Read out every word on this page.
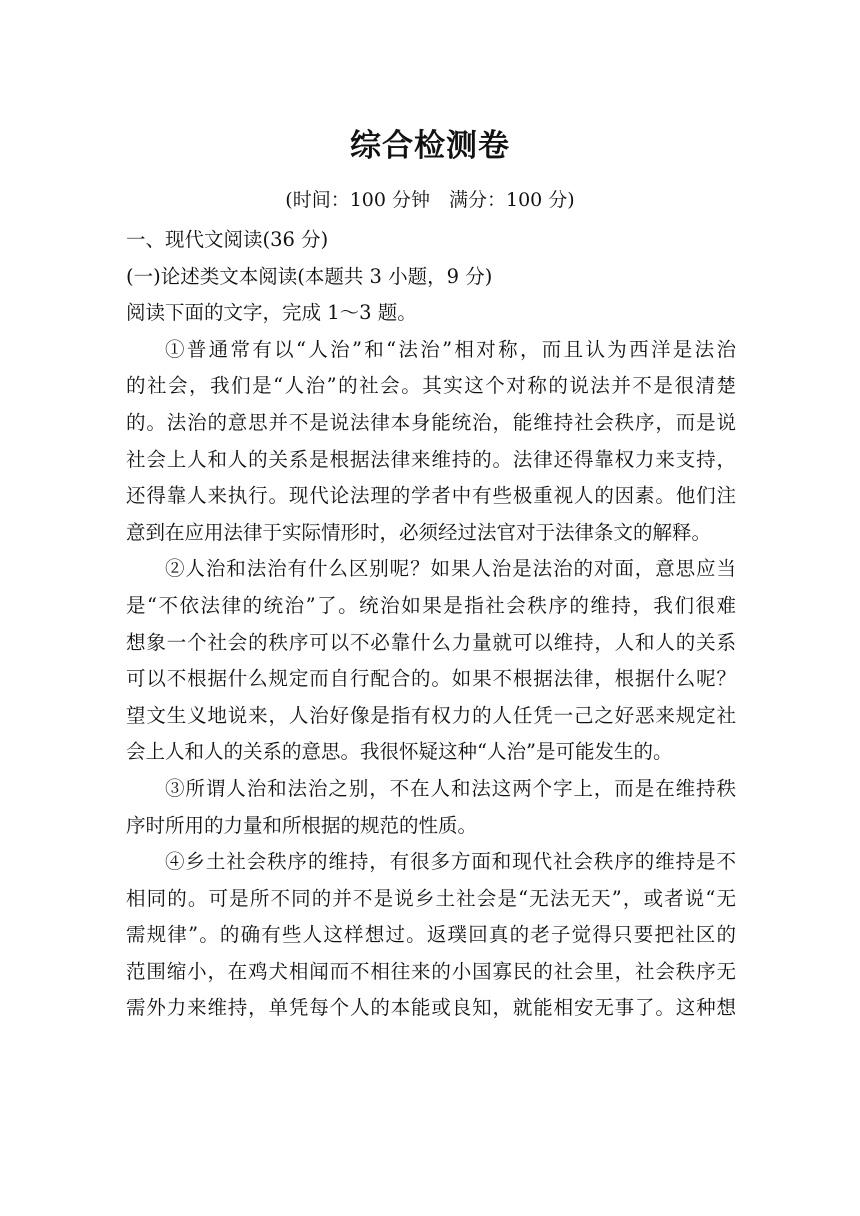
综合检测卷
(时间：100 分钟　满分：100 分)
一、现代文阅读(36 分)
(一)论述类文本阅读(本题共 3 小题，9 分)
阅读下面的文字，完成 1～3 题。
①普通常有以“人治”和“法治”相对称，而且认为西洋是法治
的社会，我们是“人治”的社会。其实这个对称的说法并不是很清楚
的。法治的意思并不是说法律本身能统治，能维持社会秩序，而是说
社会上人和人的关系是根据法律来维持的。法律还得靠权力来支持，
还得靠人来执行。现代论法理的学者中有些极重视人的因素。他们注
意到在应用法律于实际情形时，必须经过法官对于法律条文的解释。
②人治和法治有什么区别呢？如果人治是法治的对面，意思应当
是“不依法律的统治”了。统治如果是指社会秩序的维持，我们很难
想象一个社会的秩序可以不必靠什么力量就可以维持，人和人的关系
可以不根据什么规定而自行配合的。如果不根据法律，根据什么呢？
望文生义地说来，人治好像是指有权力的人任凭一己之好恶来规定社
会上人和人的关系的意思。我很怀疑这种“人治”是可能发生的。
③所谓人治和法治之别，不在人和法这两个字上，而是在维持秩
序时所用的力量和所根据的规范的性质。
④乡土社会秩序的维持，有很多方面和现代社会秩序的维持是不
相同的。可是所不同的并不是说乡土社会是“无法无天”，或者说“无
需规律”。的确有些人这样想过。返璞回真的老子觉得只要把社区的
范围缩小，在鸡犬相闻而不相往来的小国寡民的社会里，社会秩序无
需外力来维持，单凭每个人的本能或良知，就能相安无事了。这种想
